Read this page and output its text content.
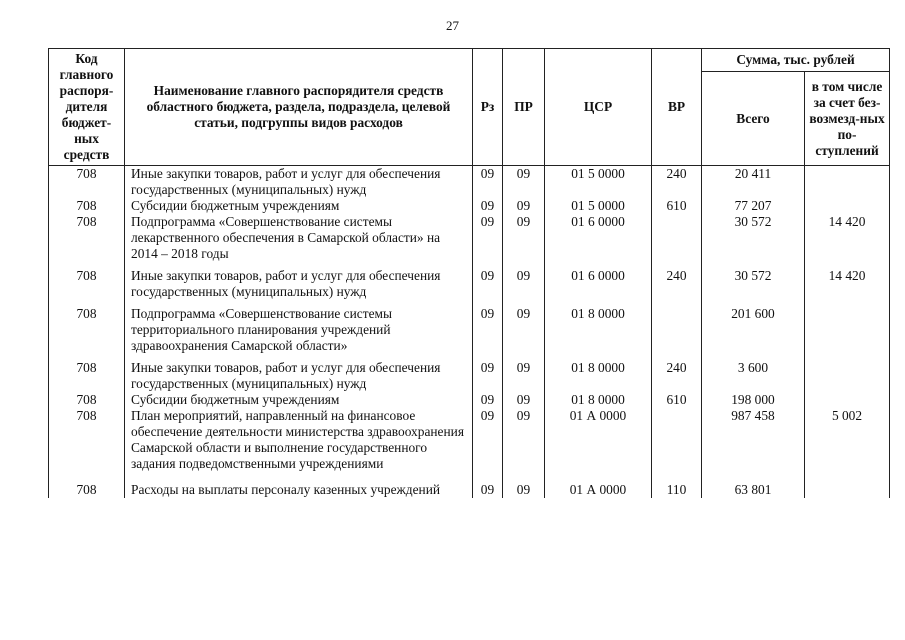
27
Код главного распоря-дителя бюджет-ных средств	Наименование главного распорядителя средств областного бюджета, раздела, подраздела, целевой статьи, подгруппы видов расходов	Рз	ПР	ЦСР	ВР	Сумма, тыс. рублей	
						Всего	в том числе за счет без-возмезд-ных по-ступлений
708	Иные закупки товаров, работ и услуг для обеспечения государственных (муниципальных) нужд	09	09	01 5 0000	240	20 411	
708	Субсидии бюджетным учреждениям	09	09	01 5 0000	610	77 207	
708	Подпрограмма «Совершенствование системы лекарственного обеспечения в Самарской области» на 2014 – 2018 годы	09	09	01 6 0000		30 572	14 420
708	Иные закупки товаров, работ и услуг для обеспечения государственных (муниципальных) нужд	09	09	01 6 0000	240	30 572	14 420
708	Подпрограмма «Совершенствование системы территориального планирования учреждений здравоохранения Самарской области»	09	09	01 8 0000		201 600	
708	Иные закупки товаров, работ и услуг для обеспечения государственных (муниципальных) нужд	09	09	01 8 0000	240	3 600	
708	Субсидии бюджетным учреждениям	09	09	01 8 0000	610	198 000	
708	План мероприятий, направленный на финансовое обеспечение деятельности министерства здравоохранения Самарской области и выполнение государственного задания подведомственными учреждениями	09	09	01 А 0000		987 458	5 002
708	Расходы на выплаты персоналу казенных учреждений	09	09	01 А 0000	110	63 801	
